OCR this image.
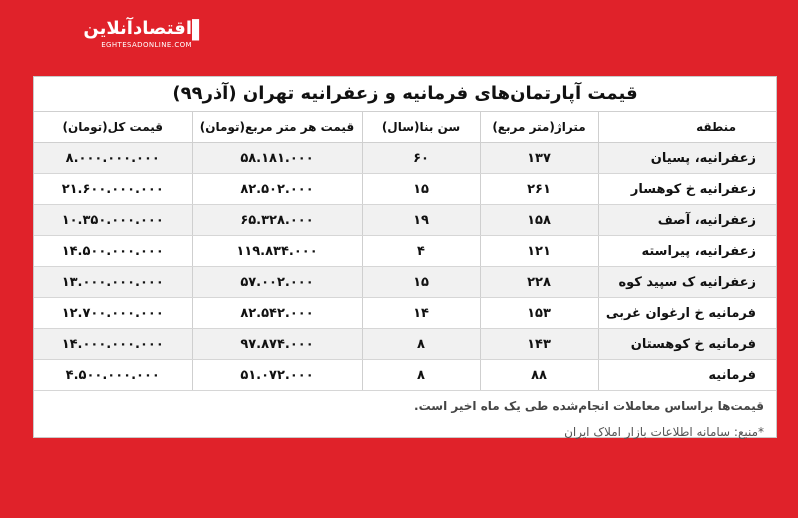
▌
اقتصادآنلاین
EGHTESADONLINE.COM
قیمت آپارتمان‌های فرمانیه و زعفرانیه تهران (آذر۹۹)
منطقه	متراژ(متر مربع)	سن بنا(سال)	قیمت هر متر مربع(تومان)	قیمت کل(تومان)
زعفرانیه، پسیان	۱۳۷	۶۰	۵۸.۱۸۱.۰۰۰	۸.۰۰۰.۰۰۰.۰۰۰
زعفرانیه خ کوهسار	۲۶۱	۱۵	۸۲.۵۰۲.۰۰۰	۲۱.۶۰۰.۰۰۰.۰۰۰
زعفرانیه، آصف	۱۵۸	۱۹	۶۵.۳۲۸.۰۰۰	۱۰.۳۵۰.۰۰۰.۰۰۰
زعفرانیه، پیراسته	۱۲۱	۴	۱۱۹.۸۳۴.۰۰۰	۱۴.۵۰۰.۰۰۰.۰۰۰
زعفرانیه ک سپید کوه	۲۲۸	۱۵	۵۷.۰۰۲.۰۰۰	۱۳.۰۰۰.۰۰۰.۰۰۰
فرمانیه خ ارغوان غربی	۱۵۳	۱۴	۸۲.۵۴۲.۰۰۰	۱۲.۷۰۰.۰۰۰.۰۰۰
فرمانیه خ کوهستان	۱۴۳	۸	۹۷.۸۷۴.۰۰۰	۱۴.۰۰۰.۰۰۰.۰۰۰
فرمانیه	۸۸	۸	۵۱.۰۷۲.۰۰۰	۴.۵۰۰.۰۰۰.۰۰۰
قیمت‌ها براساس معاملات انجام‌شده طی یک ماه اخیر است.
*منبع: سامانه اطلاعات بازار املاک ایران
